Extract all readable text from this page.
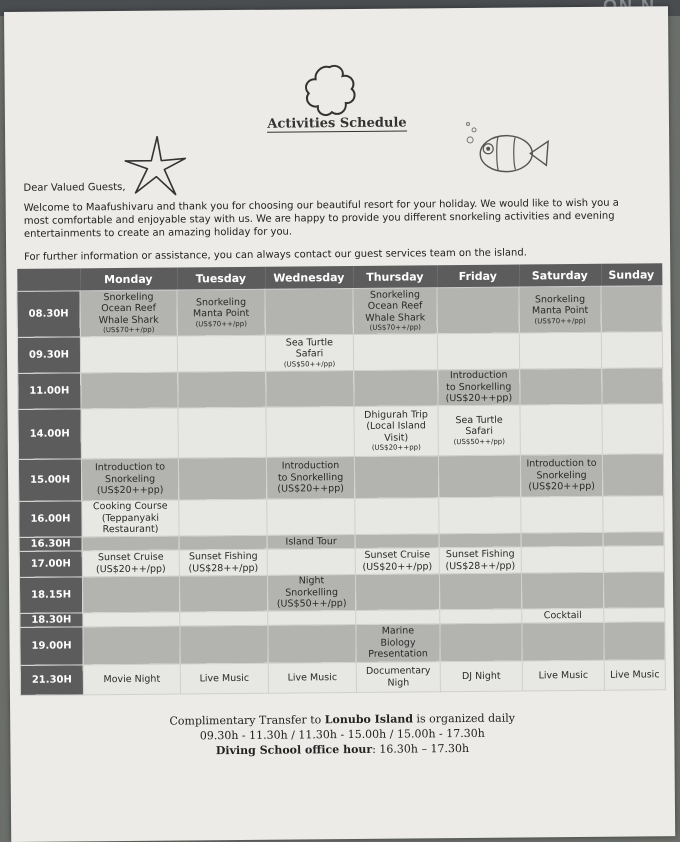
Activities Schedule
Dear Valued Guests,
Welcome to Maafushivaru and thank you for choosing our beautiful resort for your holiday. We would like to wish you a most comfortable and enjoyable stay with us. We are happy to provide you different snorkeling activities and evening entertainments to create an amazing holiday for you.
For further information or assistance, you can always contact our guest services team on the island.
	Monday	Tuesday	Wednesday	Thursday	Friday	Saturday	Sunday
08.30H	Snorkeling
Ocean Reef
Whale Shark
(US$70++/pp)	Snorkeling
Manta Point
(US$70++/pp)		Snorkeling
Ocean Reef
Whale Shark
(US$70++/pp)		Snorkeling
Manta Point
(US$70++/pp)	

09.30H			Sea Turtle
Safari
(US$50++/pp)				

11.00H					Introduction
to Snorkelling
(US$20++pp)		
14.00H				Dhigurah Trip
(Local Island
Visit)
(US$20++pp)	Sea Turtle
Safari
(US$50++/pp)		

15.00H	Introduction to
Snorkeling
(US$20++pp)		Introduction
to Snorkelling
(US$20++pp)			Introduction to
Snorkeling
(US$20++pp)	
16.00H	Cooking Course
(Teppanyaki
Restaurant)						
16.30H			Island Tour				
17.00H	Sunset Cruise
(US$20++/pp)	Sunset Fishing
(US$28++/pp)		Sunset Cruise
(US$20++/pp)	Sunset Fishing
(US$28++/pp)		
18.15H			Night
Snorkelling
(US$50++/pp)				
18.30H						Cocktail	
19.00H				Marine
Biology
Presentation			
21.30H	Movie Night	Live Music	Live Music	Documentary
Nigh	DJ Night	Live Music	Live Music
Complimentary Transfer to Lonubo Island is organized daily
09.30h - 11.30h / 11.30h - 15.00h / 15.00h - 17.30h
Diving School office hour: 16.30h – 17.30h
